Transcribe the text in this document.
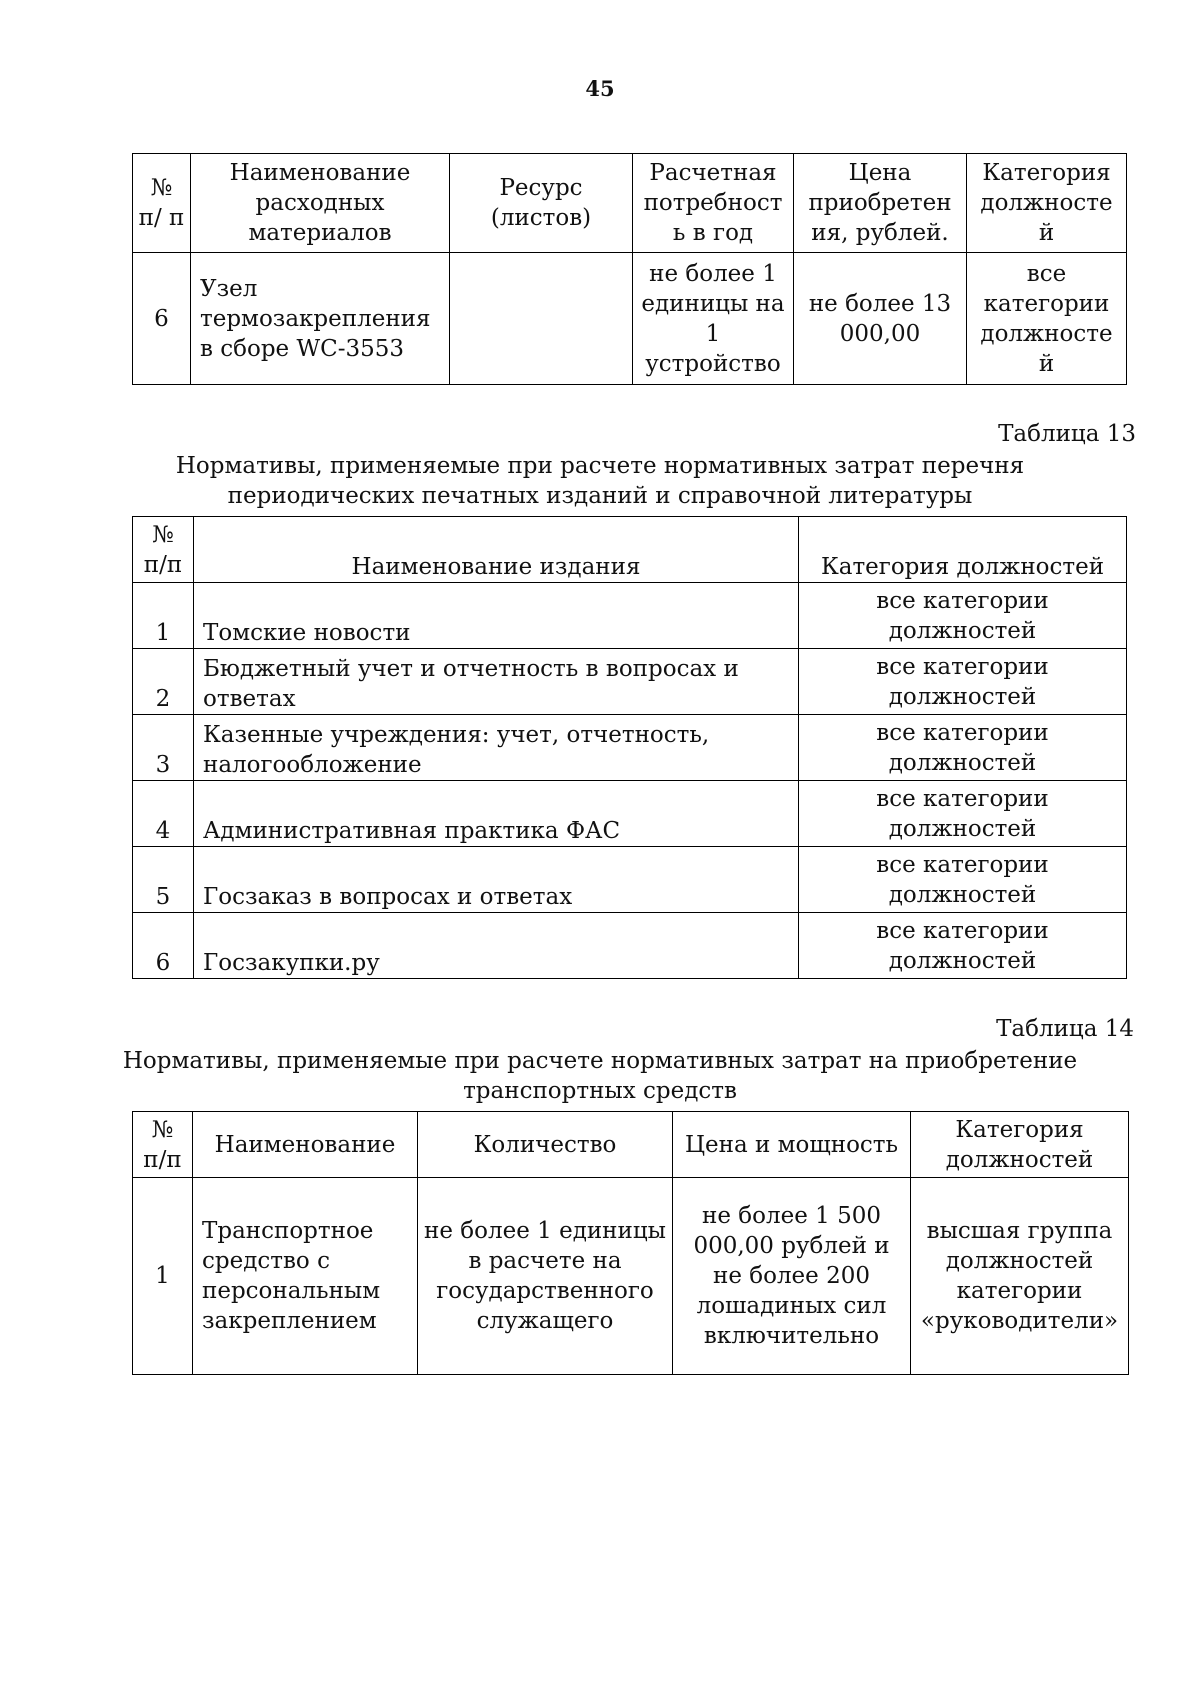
45
№ п/ п	Наименование расходных материалов	Ресурс (листов)	Расчетная потребност ь в год	Цена приобретен ия, рублей.	Категория должносте й
6	Узел термозакрепления в сборе WC-3553		не более 1 единицы на 1 устройство	не более 13 000,00	все категории должносте й
Таблица 13
Нормативы, применяемые при расчете нормативных затрат перечня
периодических печатных изданий и справочной литературы
№ п/п	Наименование издания	Категория должностей
1	Томские новости	все категории должностей
2	Бюджетный учет и отчетность в вопросах и ответах	все категории должностей
3	Казенные учреждения: учет, отчетность, налогообложение	все категории должностей
4	Административная практика ФАС	все категории должностей
5	Госзаказ в вопросах и ответах	все категории должностей
6	Госзакупки.ру	все категории должностей
Таблица 14
Нормативы, применяемые при расчете нормативных затрат на приобретение
транспортных средств
№ п/п	Наименование	Количество	Цена и мощность	Категория должностей
1	Транспортное средство с персональным закреплением	не более 1 единицы в расчете на государственного служащего	не более 1 500 000,00 рублей и не более 200 лошадиных сил включительно	высшая группа должностей категории «руководители»
